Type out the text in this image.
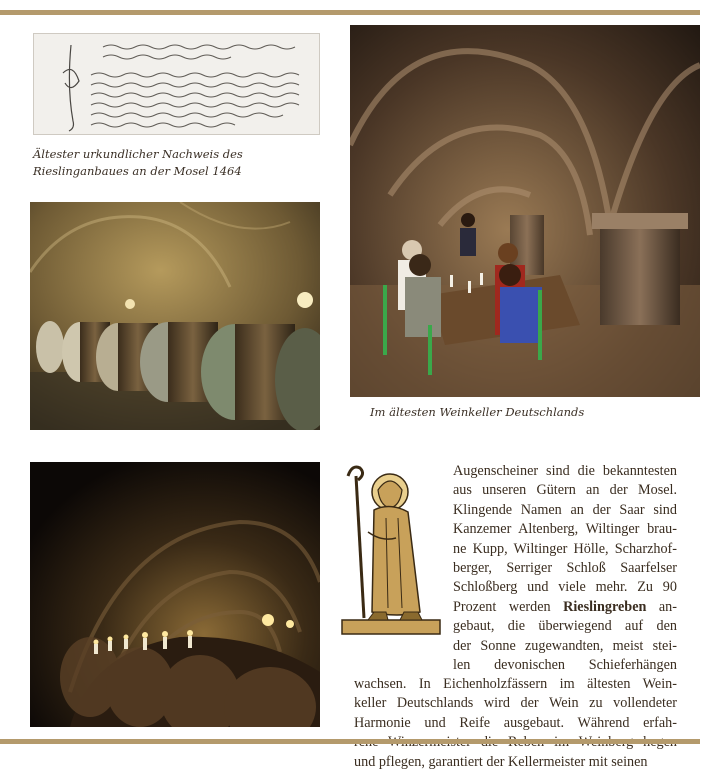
Ältester urkundlicher Nachweis des Rieslinganbaues an der Mosel 1464
Im ältesten Weinkeller Deutschlands
Augenscheiner sind die bekanntesten
aus unseren Gütern an der Mosel.
Klingende Namen an der Saar sind
Kanzemer Altenberg, Wiltinger brau-
ne Kupp, Wiltinger Hölle, Scharzhof-
berger, Serriger Schloß Saarfelser
Schloßberg und viele mehr. Zu 90
Prozent werden Rieslingreben an-
gebaut, die überwiegend auf den
der Sonne zugewandten, meist stei-
len devonischen Schieferhängen
wachsen. In Eichenholzfässern im ältesten Wein-
keller Deutschlands wird der Wein zu vollendeter
Harmonie und Reife ausgebaut. Während erfah-
und pflegen, garantiert der Kellermeister mit seinen
